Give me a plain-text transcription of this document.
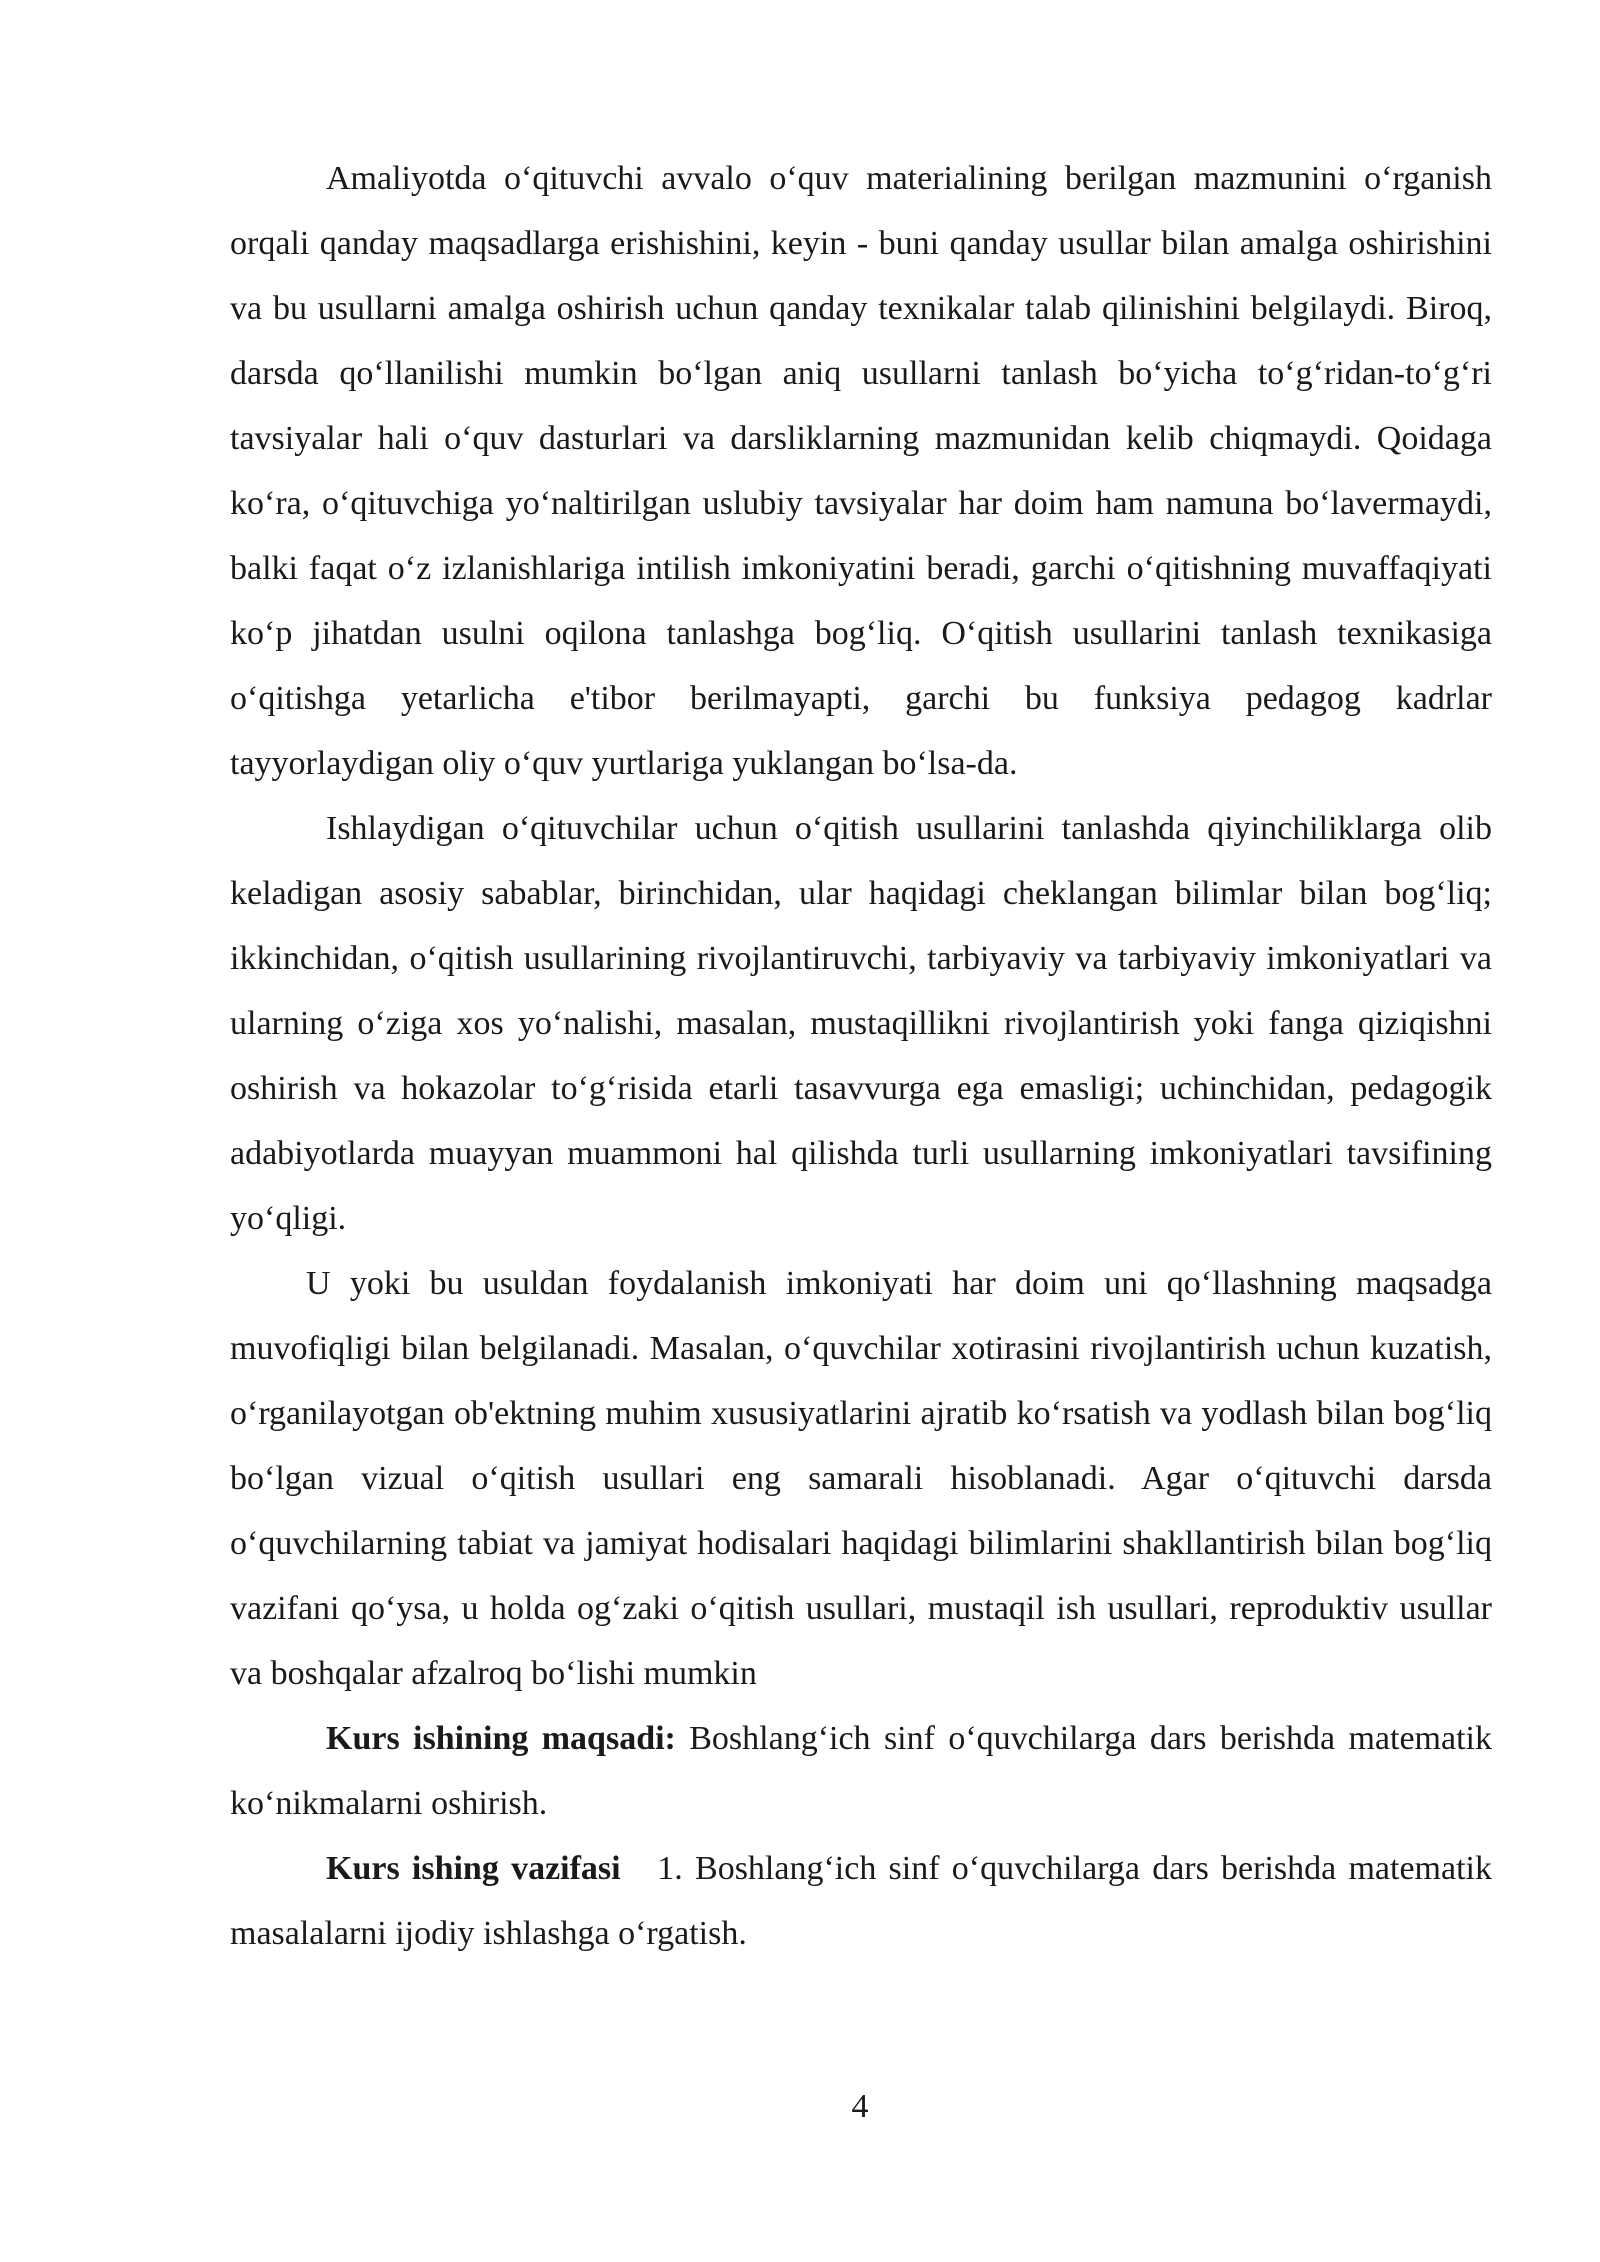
Amaliyotda oʻqituvchi avvalo oʻquv materialining berilgan mazmunini oʻrganish orqali qanday maqsadlarga erishishini, keyin - buni qanday usullar bilan amalga oshirishini va bu usullarni amalga oshirish uchun qanday texnikalar talab qilinishini belgilaydi. Biroq, darsda qoʻllanilishi mumkin boʻlgan aniq usullarni tanlash boʻyicha toʻgʻridan-toʻgʻri tavsiyalar hali oʻquv dasturlari va darsliklarning mazmunidan kelib chiqmaydi. Qoidaga koʻra, oʻqituvchiga yoʻnaltirilgan uslubiy tavsiyalar har doim ham namuna boʻlavermaydi, balki faqat oʻz izlanishlariga intilish imkoniyatini beradi, garchi oʻqitishning muvaffaqiyati koʻp jihatdan usulni oqilona tanlashga bogʻliq. Oʻqitish usullarini tanlash texnikasiga oʻqitishga yetarlicha e'tibor berilmayapti, garchi bu funksiya pedagog kadrlar tayyorlaydigan oliy oʻquv yurtlariga yuklangan boʻlsa-da.

Ishlaydigan oʻqituvchilar uchun oʻqitish usullarini tanlashda qiyinchiliklarga olib keladigan asosiy sabablar, birinchidan, ular haqidagi cheklangan bilimlar bilan bogʻliq; ikkinchidan, oʻqitish usullarining rivojlantiruvchi, tarbiyaviy va tarbiyaviy imkoniyatlari va ularning oʻziga xos yoʻnalishi, masalan, mustaqillikni rivojlantirish yoki fanga qiziqishni oshirish va hokazolar toʻgʻrisida etarli tasavvurga ega emasligi; uchinchidan, pedagogik adabiyotlarda muayyan muammoni hal qilishda turli usullarning imkoniyatlari tavsifining yoʻqligi.

U yoki bu usuldan foydalanish imkoniyati har doim uni qoʻllashning maqsadga muvofiqligi bilan belgilanadi. Masalan, oʻquvchilar xotirasini rivojlantirish uchun kuzatish, oʻrganilayotgan ob'ektning muhim xususiyatlarini ajratib koʻrsatish va yodlash bilan bogʻliq boʻlgan vizual oʻqitish usullari eng samarali hisoblanadi. Agar oʻqituvchi darsda oʻquvchilarning tabiat va jamiyat hodisalari haqidagi bilimlarini shakllantirish bilan bogʻliq vazifani qoʻysa, u holda ogʻzaki oʻqitish usullari, mustaqil ish usullari, reproduktiv usullar va boshqalar afzalroq boʻlishi mumkin

Kurs ishining maqsadi: Boshlangʻich sinf oʻquvchilarga dars berishda matematik koʻnikmalarni oshirish.

Kurs ishing vazifasi   1. Boshlangʻich sinf oʻquvchilarga dars berishda matematik masalalarni ijodiy ishlashga oʻrgatish.

4
